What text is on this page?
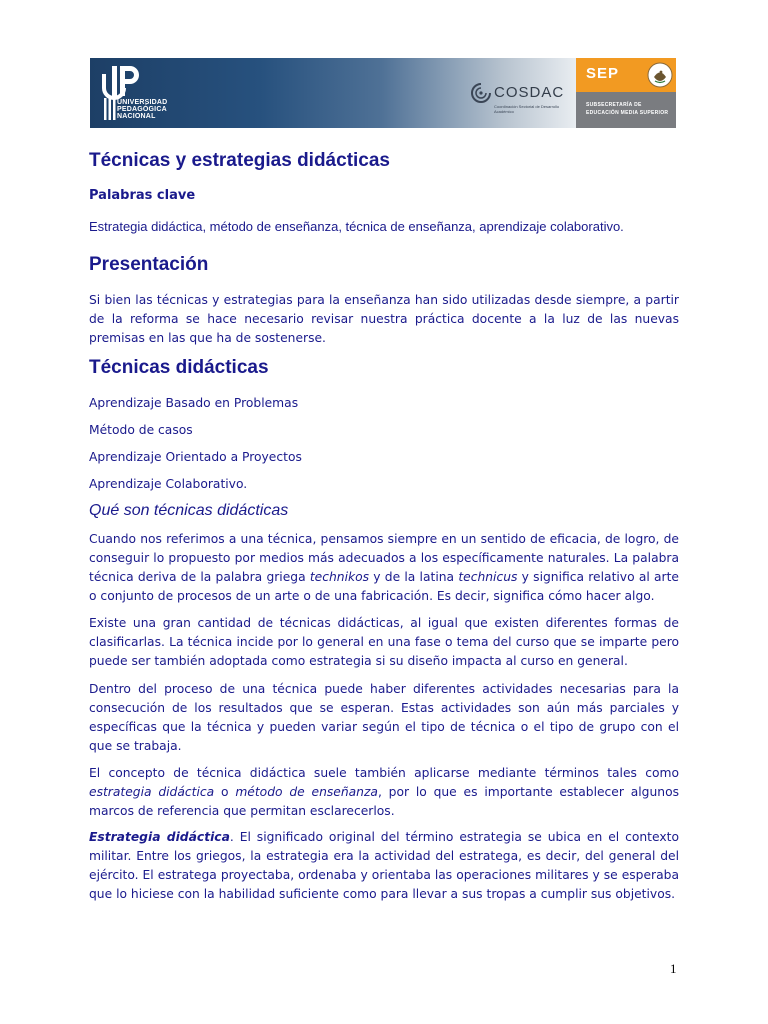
UNIVERSIDAD
PEDAGÓGICA
NACIONAL
COSDAC
Coordinación Sectorial de Desarrollo Académico
SEP
SUBSECRETARÍA DE
EDUCACIÓN MEDIA SUPERIOR
Técnicas y estrategias didácticas
Palabras clave
Estrategia didáctica, método de enseñanza, técnica de enseñanza, aprendizaje colaborativo.
Presentación

Si bien las técnicas y estrategias para la enseñanza han sido utilizadas desde siempre, a partir de la reforma se hace necesario revisar nuestra práctica docente a la luz de las nuevas premisas en las que ha de sostenerse.

Técnicas didácticas
Aprendizaje Basado en Problemas
Método de casos
Aprendizaje Orientado a Proyectos
Aprendizaje Colaborativo.
Qué son técnicas didácticas

Cuando nos referimos a una técnica, pensamos siempre en un sentido de eficacia, de logro, de conseguir lo propuesto por medios más adecuados a los específicamente naturales. La palabra técnica deriva de la palabra griega technikos y de la latina technicus y significa relativo al arte o conjunto de procesos de un arte o de una fabricación. Es decir, significa cómo hacer algo.

Existe una gran cantidad de técnicas didácticas, al igual que existen diferentes formas de clasificarlas. La técnica incide por lo general en una fase o tema del curso que se imparte pero puede ser también adoptada como estrategia si su diseño impacta al curso en general.

Dentro del proceso de una técnica puede haber diferentes actividades necesarias para la consecución de los resultados que se esperan. Estas actividades son aún más parciales y específicas que la técnica y pueden variar según el tipo de técnica o el tipo de grupo con el que se trabaja.

El concepto de técnica didáctica suele también aplicarse mediante términos tales como estrategia didáctica o método de enseñanza, por lo que es importante establecer algunos marcos de referencia que permitan esclarecerlos.

Estrategia didáctica. El significado original del término estrategia se ubica en el contexto militar. Entre los griegos, la estrategia era la actividad del estratega, es decir, del general del ejército. El estratega proyectaba, ordenaba y orientaba las operaciones militares y se esperaba que lo hiciese con la habilidad suficiente como para llevar a sus tropas a cumplir sus objetivos.

1
